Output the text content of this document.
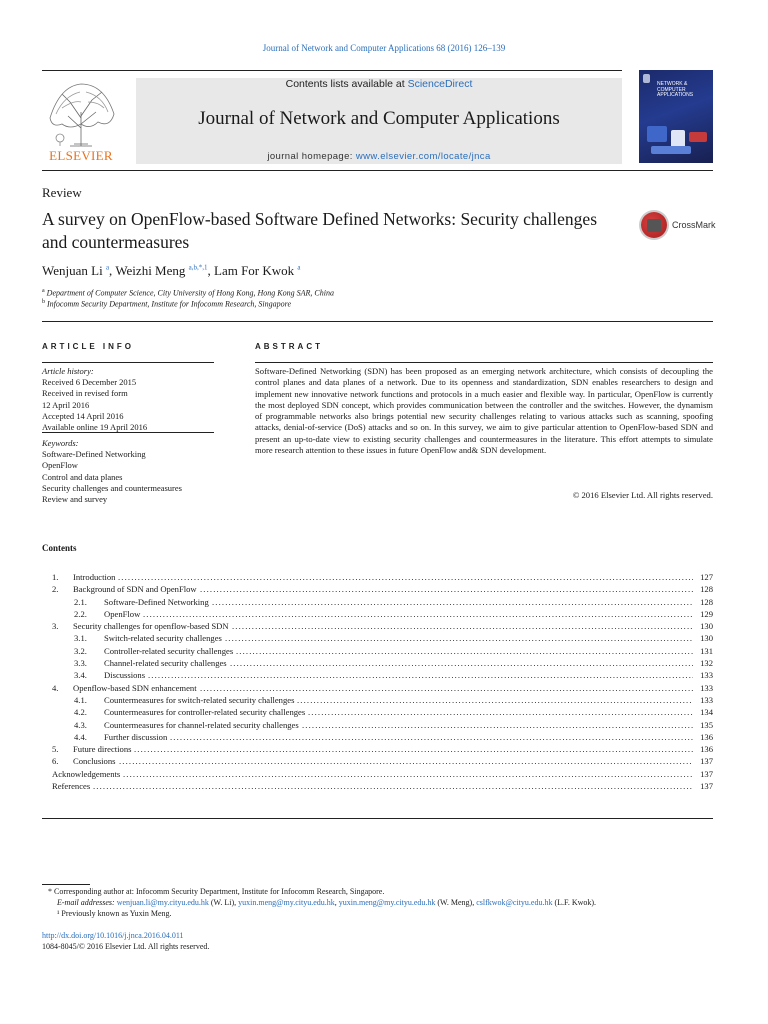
Journal of Network and Computer Applications 68 (2016) 126–139
ELSEVIER
Contents lists available at ScienceDirect
Journal of Network and Computer Applications
journal homepage: www.elsevier.com/locate/jnca
NETWORK &
COMPUTER
APPLICATIONS
Review
A survey on OpenFlow-based Software Defined Networks: Security challenges and countermeasures
CrossMark
Wenjuan Li $^a$, Weizhi Meng $^{a,b,*,1}$, Lam For Kwok $^a$
$^a$ Department of Computer Science, City University of Hong Kong, Hong Kong SAR, China
$^b$ Infocomm Security Department, Institute for Infocomm Research, Singapore
ARTICLE INFO
Article history:
Received 6 December 2015
Received in revised form
12 April 2016
Accepted 14 April 2016
Available online 19 April 2016
Keywords:
Software-Defined Networking
OpenFlow
Control and data planes
Security challenges and countermeasures
Review and survey
ABSTRACT
Software-Defined Networking (SDN) has been proposed as an emerging network architecture, which consists of decoupling the control planes and data planes of a network. Due to its openness and standardization, SDN enables researchers to design and implement new innovative network functions and protocols in a much easier and flexible way. In particular, OpenFlow is currently the most deployed SDN concept, which provides communication between the controller and the switches. However, the dynamism of programmable networks also brings potential new security challenges relating to various attacks such as scanning, spoofing attacks, denial-of-service (DoS) attacks and so on. In this survey, we aim to give particular attention to OpenFlow-based SDN and present an up-to-date view to existing security challenges and countermeasures in the literature. This effort attempts to simulate more research attention to these issues in future OpenFlow and& SDN development.
© 2016 Elsevier Ltd. All rights reserved.
Contents
1. Introduction . . .	127
2. Background of SDN and OpenFlow . . .	128
2.1. Software-Defined Networking . . .	128
2.2. OpenFlow . . .	129
3. Security challenges for openflow-based SDN . . .	130
3.1. Switch-related security challenges . . .	130
3.2. Controller-related security challenges . . .	131
3.3. Channel-related security challenges . . .	132
3.4. Discussions . . .	133
4. Openflow-based SDN enhancement . . .	133
4.1. Countermeasures for switch-related security challenges . . .	133
4.2. Countermeasures for controller-related security challenges . . .	134
4.3. Countermeasures for channel-related security challenges . . .	135
4.4. Further discussion . . .	136
5. Future directions . . .	136
6. Conclusions . . .	137
Acknowledgements . . .	137
References . . .	137
* Corresponding author at: Infocomm Security Department, Institute for Infocomm Research, Singapore.
E-mail addresses: wenjuan.li@my.cityu.edu.hk (W. Li), yuxin.meng@my.cityu.edu.hk, yuxin.meng@my.cityu.edu.hk (W. Meng), cslfkwok@cityu.edu.hk (L.F. Kwok).
¹ Previously known as Yuxin Meng.
http://dx.doi.org/10.1016/j.jnca.2016.04.011
1084-8045/© 2016 Elsevier Ltd. All rights reserved.
